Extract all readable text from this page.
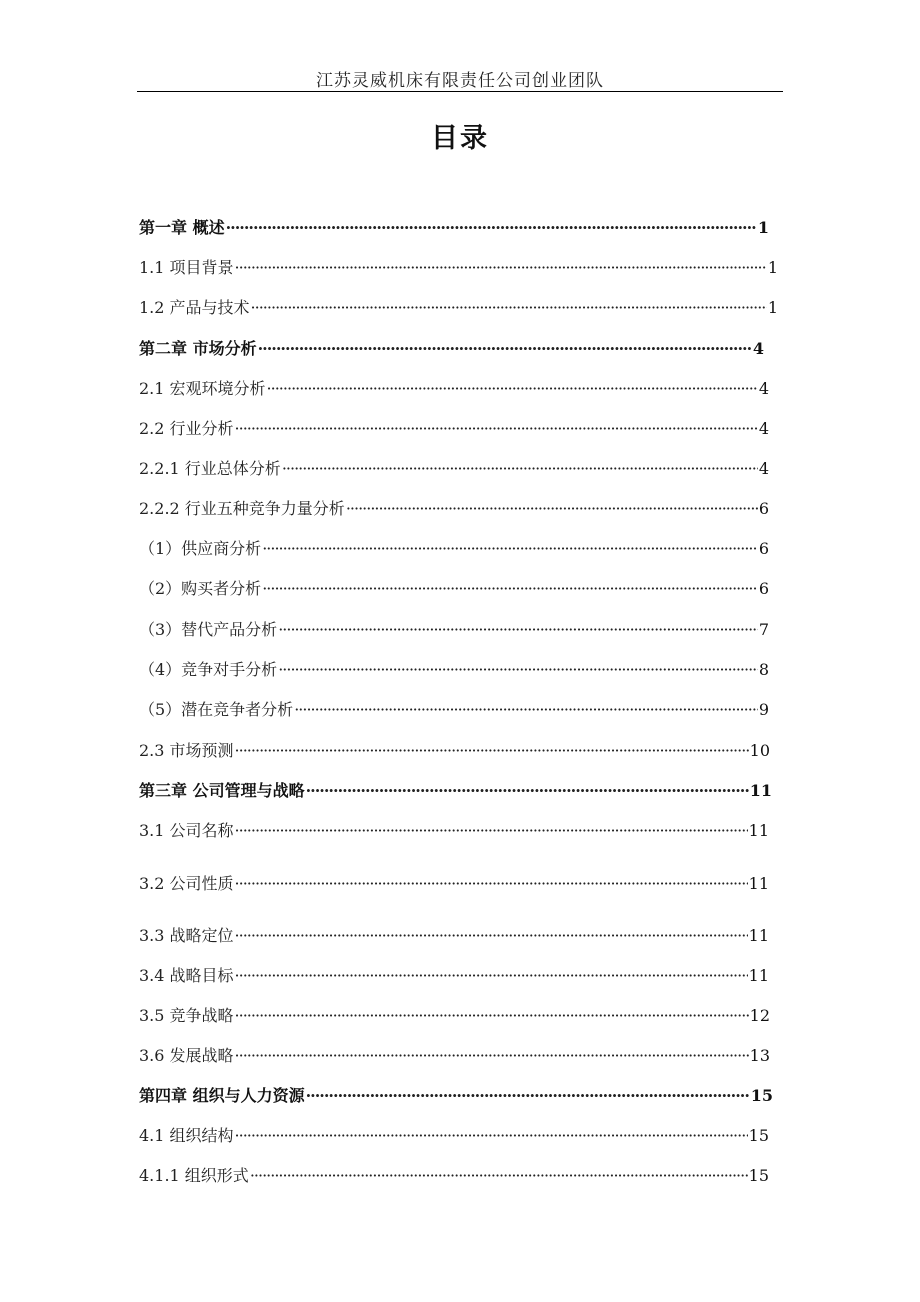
江苏灵威机床有限责任公司创业团队
目录
第一章 概述 ·····	1
1.1 项目背景 ·····	1
1.2 产品与技术 ·····	1
第二章 市场分析 ·····	4
2.1 宏观环境分析 ·····	4
2.2 行业分析 ·····	4
2.2.1 行业总体分析 ·····	4
2.2.2 行业五种竞争力量分析 ·····	6
（1）供应商分析 ·····	6
（2）购买者分析 ·····	6
（3）替代产品分析 ·····	7
（4）竞争对手分析 ·····	8
（5）潜在竞争者分析 ·····	9
2.3 市场预测 ·····	10
第三章 公司管理与战略 ·····	11
3.1 公司名称 ·····	11
3.2 公司性质 ·····	11
3.3 战略定位 ·····	11
3.4 战略目标 ·····	11
3.5 竞争战略 ·····	12
3.6 发展战略 ·····	13
第四章 组织与人力资源 ·····	15
4.1 组织结构 ·····	15
4.1.1 组织形式 ·····	15
